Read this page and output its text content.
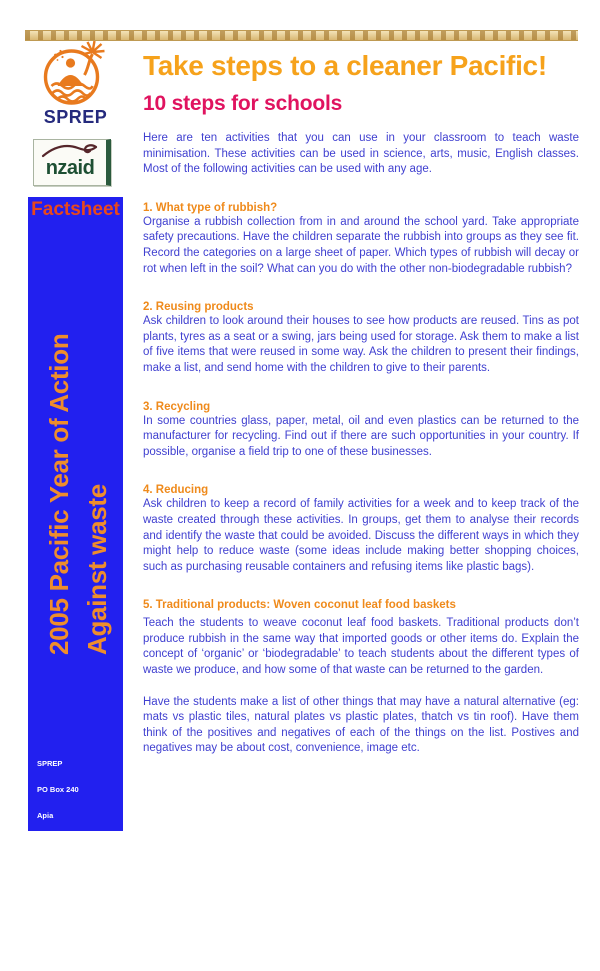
SPREP
nzaid
Factsheet
2005 Pacific Year of Action Against waste

SPREP

PO Box 240

Apia

Samoa

T  +685 21929

F  +685 20231

E  sprep@sprep.org

W www.sprep.org

Take steps to a cleaner Pacific!
10 steps for schools

Here are ten activities that you can use in your classroom to teach waste minimisation. These activities can be used in science, arts, music, English classes. Most of the following activities can be used with any age.

1. What type of rubbish?

Organise a rubbish collection from in and around the school yard. Take appropriate safety precautions. Have the children separate the rubbish into groups as they see fit. Record the categories on a large sheet of paper. Which types of rubbish will decay or rot when left in the soil? What can you do with the other non-biodegradable rubbish?

2. Reusing products

Ask children to look around their houses to see how products are reused. Tins as pot plants, tyres as a seat or a swing, jars being used for storage. Ask them to make a list of five items that were reused in some way. Ask the children to present their findings, make a list, and send home with the children to give to their parents.

3. Recycling

In some countries glass, paper, metal, oil and even plastics can be returned to the manufacturer for recycling. Find out if there are such opportunities in your country. If possible, organise a field trip to one of these businesses.

4. Reducing

Ask children to keep a record of family activities for a week and to keep track of the waste created through these activities. In groups, get them to analyse their records and identify the waste that could be avoided. Discuss the different ways in which they might help to reduce waste (some ideas include making better shopping choices, such as purchasing reusable containers and refusing items like plastic bags).

5. Traditional products: Woven coconut leaf food baskets

Teach the students to weave coconut leaf food baskets. Traditional products don’t produce rubbish in the same way that imported goods or other items do. Explain the concept of ‘organic’ or ‘biodegradable’ to teach students about the different types of waste we produce, and how some of that waste can be returned to the garden.

Have the students make a list of other things that may have a natural alternative (eg: mats vs plastic tiles, natural plates vs plastic plates, thatch vs tin roof). Have them think of the positives and negatives of each of the things on the list. Postives and negatives may be about cost, convenience, image etc.
